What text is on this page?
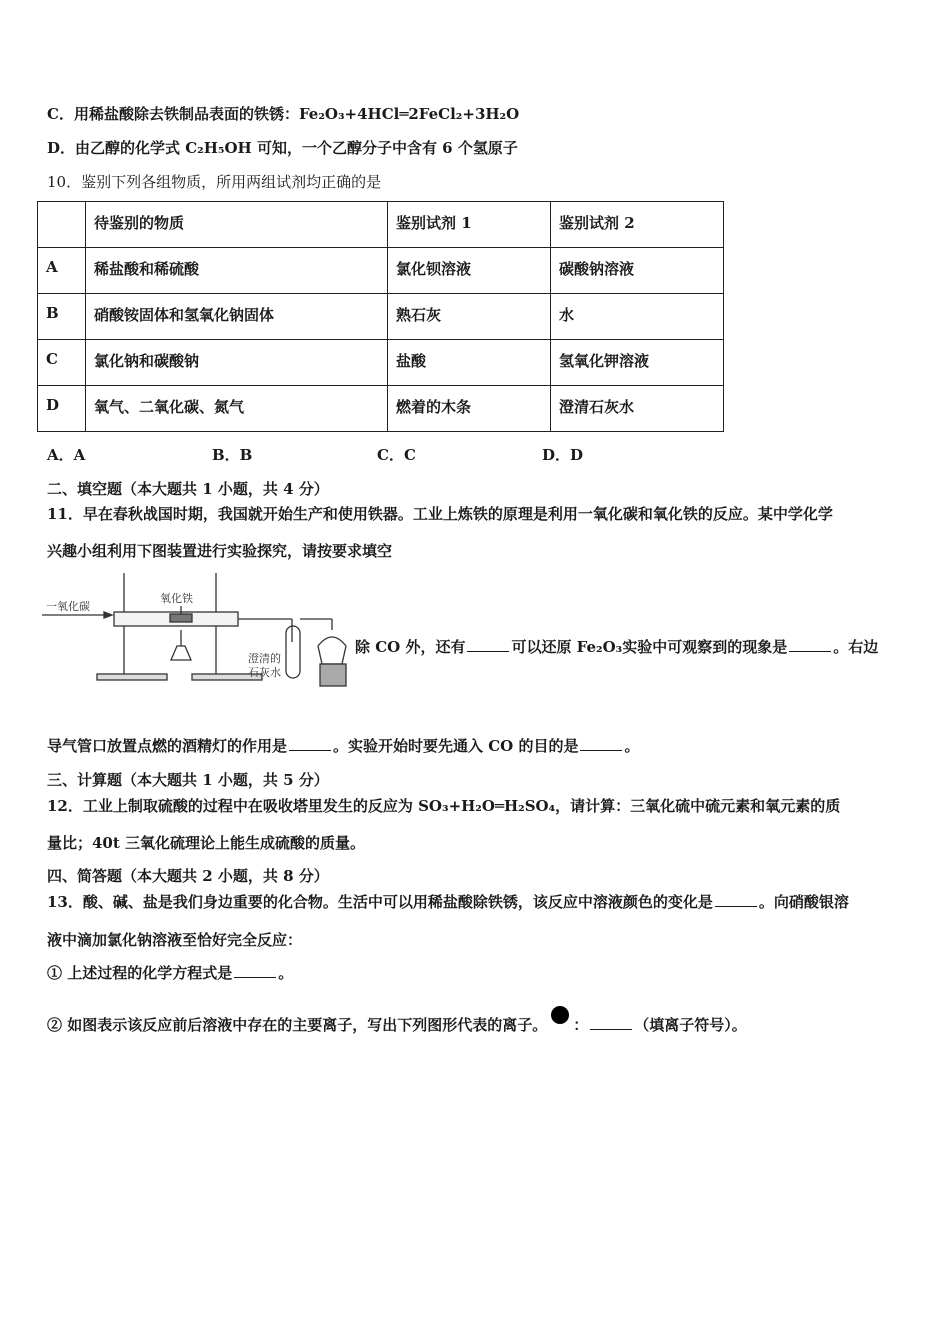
C．用稀盐酸除去铁制品表面的铁锈：Fe₂O₃+4HCl═2FeCl₂+3H₂O
D．由乙醇的化学式 C₂H₅OH 可知，一个乙醇分子中含有 6 个氢原子
10．鉴别下列各组物质，所用两组试剂均正确的是
	待鉴别的物质	鉴别试剂 1	鉴别试剂 2
A	稀盐酸和稀硫酸	氯化钡溶液	碳酸钠溶液
B	硝酸铵固体和氢氧化钠固体	熟石灰	水
C	氯化钠和碳酸钠	盐酸	氢氧化钾溶液
D	氧气、二氧化碳、氮气	燃着的木条	澄清石灰水
A．A	B．B	C．C	D．D
二、填空题（本大题共 1 小题，共 4 分）
11．早在春秋战国时期，我国就开始生产和使用铁器。工业上炼铁的原理是利用一氧化碳和氧化铁的反应。某中学化学
兴趣小组利用下图装置进行实验探究，请按要求填空
一氧化碳
氧化铁
澄清的
石灰水
除 CO 外，还有	可以还原 Fe₂O₃实验中可观察到的现象是	。右边
导气管口放置点燃的酒精灯的作用是	。实验开始时要先通入 CO 的目的是	。
三、计算题（本大题共 1 小题，共 5 分）
12．工业上制取硫酸的过程中在吸收塔里发生的反应为 SO₃+H₂O═H₂SO₄，请计算：三氧化硫中硫元素和氧元素的质
量比；40t 三氧化硫理论上能生成硫酸的质量。
四、简答题（本大题共 2 小题，共 8 分）
13．酸、碱、盐是我们身边重要的化合物。生活中可以用稀盐酸除铁锈，该反应中溶液颜色的变化是	。向硝酸银溶
液中滴加氯化钠溶液至恰好完全反应：
① 上述过程的化学方程式是	。
② 如图表示该反应前后溶液中存在的主要离子，写出下列图形代表的离子。 ：	（填离子符号）。
